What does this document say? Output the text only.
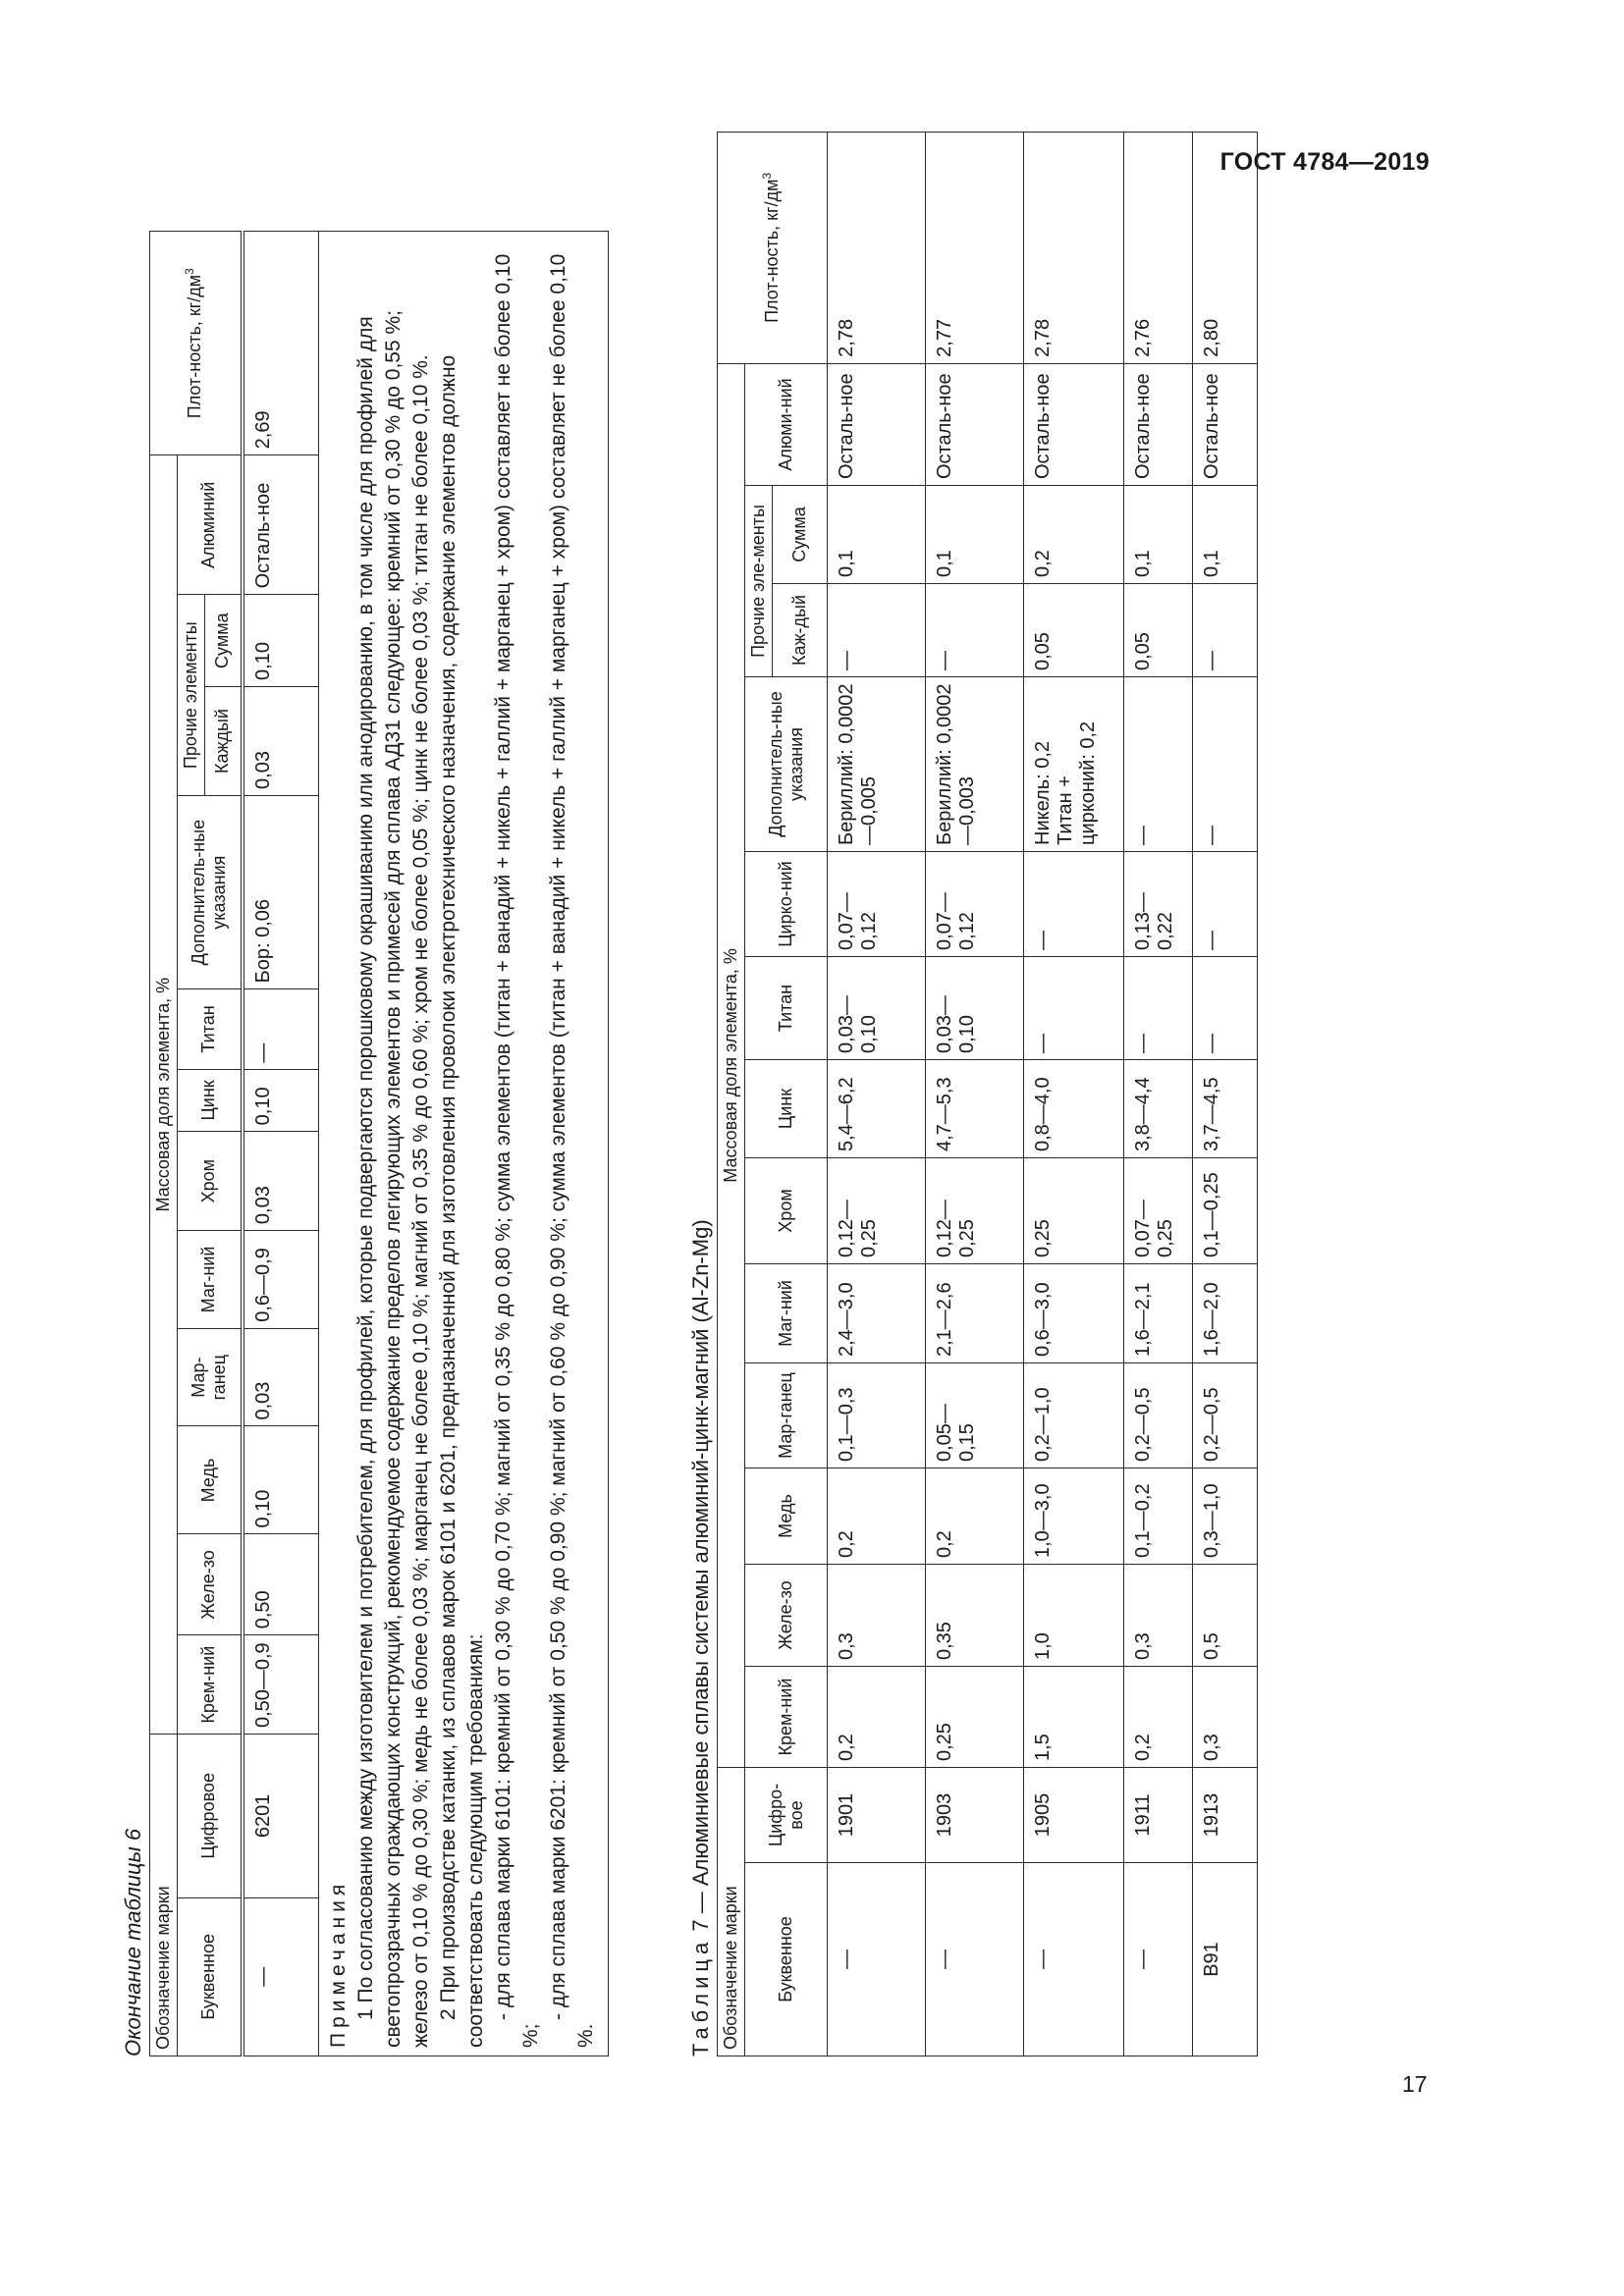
ГОСТ 4784—2019
Окончание таблицы 6 Обозначение марки		Массовая доля элемента, %												Плот-ность, $кг/дм^3$
Буквенное	Цифровое	Крем-ний	Желе-зо	Медь	Мар-ганец	Маг-ний	Хром	Цинк	Титан	Дополнитель-ные указания	Прочие элементы		Алюминий	
											Каждый	Сумма		
—	6201	0,50—0,9	0,50	0,10	0,03	0,6—0,9	0,03	0,10	—	Бор: 0,06	0,03	0,10	Осталь-ное	2,69

Примечания 1 По согласованию между изготовителем и потребителем, для профилей, которые подвергаются порошковому окрашиванию или анодированию, в том числе для профилей для светопрозрачных ограждающих конструкций, рекомендуемое содержание пределов легирующих элементов и примесей для сплава АД31 следующее: кремний от 0,30 % до 0,55 %; железо от 0,10 % до 0,30 %; медь не более 0,03 %; марганец не более 0,10 %; магний от 0,35 % до 0,60 %; хром не более 0,05 %; цинк не более 0,03 %; титан не более 0,10 %. 2 При производстве катанки, из сплавов марок 6101 и 6201, предназначенной для изготовления проволоки электротехнического назначения, содержание элементов должно соответствовать следующим требованиям: - для сплава марки 6101: кремний от 0,30 % до 0,70 %; магний от 0,35 % до 0,80 %; сумма элементов (титан + ванадий + никель + галлий + марганец + хром) составляет не более 0,10 %;

- для сплава марки 6201: кремний от 0,50 % до 0,90 %; магний от 0,60 % до 0,90 %; сумма элементов (титан + ванадий + никель + галлий + марганец + хром) составляет не более 0,10 %.															Таблица 7 — Алюминиевые сплавы системы алюминий-цинк-магний (Al-Zn-Mg)
Обозначение марки		Массовая доля элемента, %													Плот-ность, $кг/дм^3$
Буквенное	Цифро-вое	Крем-ний	Желе-зо	Медь	Мар-ганец	Маг-ний	Хром	Цинк	Титан	Цирко-ний	Дополнитель-ные указания	Прочие эле-менты		Алюми-ний	
												Каж-дый	Сумма		
—	1901	0,2	0,3	0,2	0,1—0,3	2,4—3,0	0,12—0,25	5,4—6,2	0,03—0,10	0,07—0,12	Бериллий: 0,0002—0,005	—	0,1	Осталь-ное	2,78
—	1903	0,25	0,35	0,2	0,05—0,15	2,1—2,6	0,12—0,25	4,7—5,3	0,03—0,10	0,07—0,12	Бериллий: 0,0002—0,003	—	0,1	Осталь-ное	2,77
—	1905	1,5	1,0	1,0—3,0	0,2—1,0	0,6—3,0	0,25	0,8—4,0	—	—	Никель: 0,2 Титан + цирконий: 0,2	0,05	0,2	Осталь-ное	2,78
—	1911	0,2	0,3	0,1—0,2	0,2—0,5	1,6—2,1	0,07—0,25	3,8—4,4	—	0,13—0,22	—	0,05	0,1	Осталь-ное	2,76
В91	1913	0,3	0,5	0,3—1,0	0,2—0,5	1,6—2,0	0,1—0,25	3,7—4,5	—	—	—	—	0,1	Осталь-ное	2,80
17
